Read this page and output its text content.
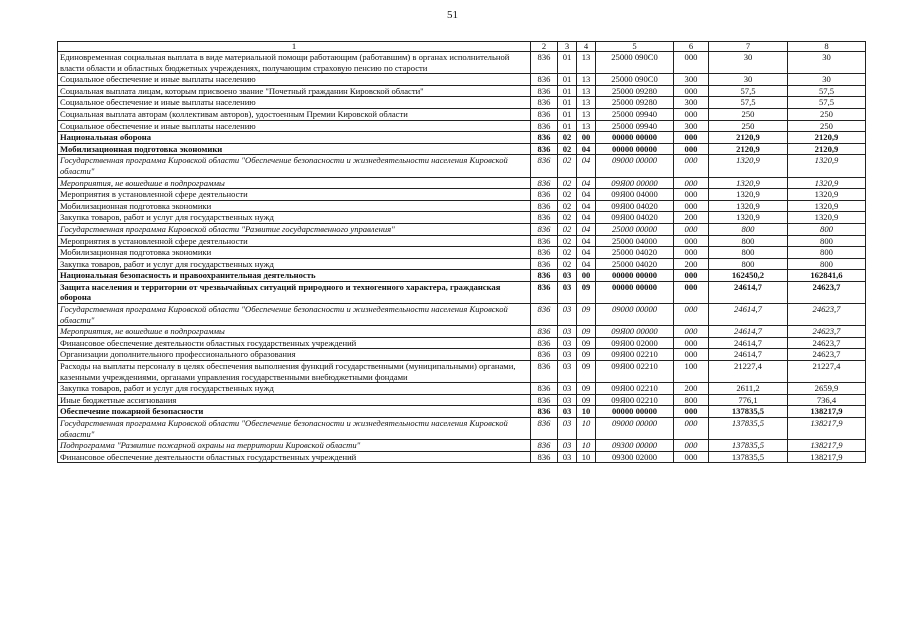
51
1	2	3	4	5	6	7	8
Единовременная социальная выплата в виде материальной помощи работающим (работавшим) в органах исполнительной власти области и областных бюджетных учреждениях, получающим страховую пенсию по старости	836	01	13	25000 090С0	000	30	30
Социальное обеспечение и иные выплаты населению	836	01	13	25000 090С0	300	30	30
Социальная выплата лицам, которым присвоено звание "Почетный гражданин Кировской области"	836	01	13	25000 09280	000	57,5	57,5
Социальное обеспечение и иные выплаты населению	836	01	13	25000 09280	300	57,5	57,5
Социальная выплата авторам (коллективам авторов), удостоенным Премии Кировской области	836	01	13	25000 09940	000	250	250
Социальное обеспечение и иные выплаты населению	836	01	13	25000 09940	300	250	250
Национальная оборона	836	02	00	00000 00000	000	2120,9	2120,9
Мобилизационная подготовка экономики	836	02	04	00000 00000	000	2120,9	2120,9
Государственная программа Кировской области "Обеспечение безопасности и жизнедеятельности населения Кировской области"	836	02	04	09000 00000	000	1320,9	1320,9
Мероприятия, не вошедшие в подпрограммы	836	02	04	09Я00 00000	000	1320,9	1320,9
Мероприятия в установленной сфере деятельности	836	02	04	09Я00 04000	000	1320,9	1320,9
Мобилизационная подготовка экономики	836	02	04	09Я00 04020	000	1320,9	1320,9
Закупка товаров, работ и услуг для государственных нужд	836	02	04	09Я00 04020	200	1320,9	1320,9
Государственная программа Кировской области "Развитие государственного управления"	836	02	04	25000 00000	000	800	800
Мероприятия в установленной сфере деятельности	836	02	04	25000 04000	000	800	800
Мобилизационная подготовка экономики	836	02	04	25000 04020	000	800	800
Закупка товаров, работ и услуг для государственных нужд	836	02	04	25000 04020	200	800	800
Национальная безопасность и правоохранительная деятельность	836	03	00	00000 00000	000	162450,2	162841,6
Защита населения и территории от чрезвычайных ситуаций природного и техногенного характера, гражданская оборона	836	03	09	00000 00000	000	24614,7	24623,7
Государственная программа Кировской области "Обеспечение безопасности и жизнедеятельности населения Кировской области"	836	03	09	09000 00000	000	24614,7	24623,7
Мероприятия, не вошедшие в подпрограммы	836	03	09	09Я00 00000	000	24614,7	24623,7
Финансовое обеспечение деятельности областных государственных учреждений	836	03	09	09Я00 02000	000	24614,7	24623,7
Организации дополнительного профессионального образования	836	03	09	09Я00 02210	000	24614,7	24623,7
Расходы на выплаты персоналу в целях обеспечения выполнения функций государственными (муниципальными) органами, казенными учреждениями, органами управления государственными внебюджетными фондами	836	03	09	09Я00 02210	100	21227,4	21227,4
Закупка товаров, работ и услуг для государственных нужд	836	03	09	09Я00 02210	200	2611,2	2659,9
Иные бюджетные ассигнования	836	03	09	09Я00 02210	800	776,1	736,4
Обеспечение пожарной безопасности	836	03	10	00000 00000	000	137835,5	138217,9
Государственная программа Кировской области "Обеспечение безопасности и жизнедеятельности населения Кировской области"	836	03	10	09000 00000	000	137835,5	138217,9
Подпрограмма "Развитие пожарной охраны на территории Кировской области"	836	03	10	09300 00000	000	137835,5	138217,9
Финансовое обеспечение деятельности областных государственных учреждений	836	03	10	09300 02000	000	137835,5	138217,9
